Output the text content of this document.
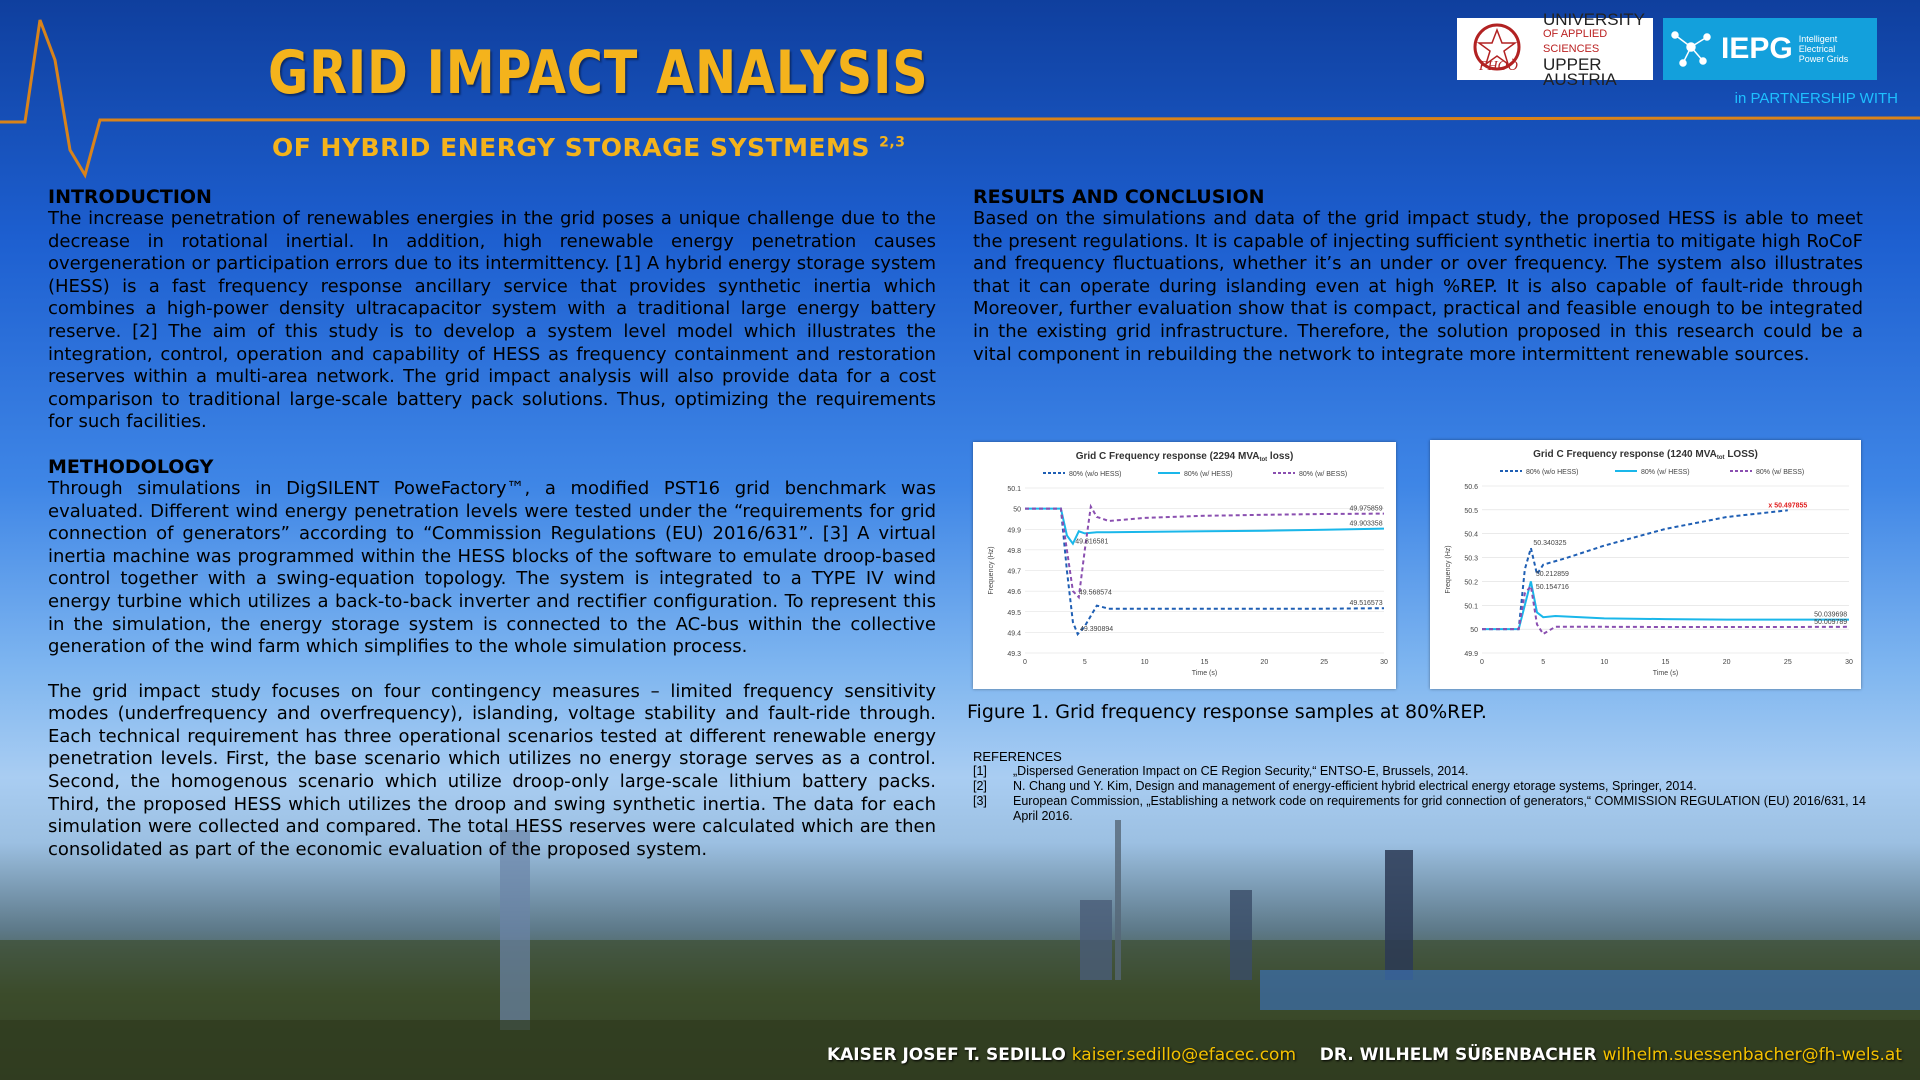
GRID IMPACT ANALYSIS
OF HYBRID ENERGY STORAGE SYSTMEMS $^{2,3}$
FHOÖ
UNIVERSITY
OF APPLIED SCIENCES
UPPER AUSTRIA
IEPG Intelligent
Electrical
Power Grids
in PARTNERSHIP WITH
INTRODUCTION

The increase penetration of renewables energies in the grid poses a unique challenge due to the decrease in rotational inertial. In addition, high renewable energy penetration causes overgeneration or participation errors due to its intermittency. [1] A hybrid energy storage system (HESS) is a fast frequency response ancillary service that provides synthetic inertia which combines a high-power density ultracapacitor system with a traditional large energy battery reserve. [2] The aim of this study is to develop a system level model which illustrates the integration, control, operation and capability of HESS as frequency containment and restoration reserves within a multi-area network. The grid impact analysis will also provide data for a cost comparison to traditional large-scale battery pack solutions. Thus, optimizing the requirements for such facilities.

METHODOLOGY

Through simulations in DigSILENT PoweFactory™, a modified PST16 grid benchmark was evaluated. Different wind energy penetration levels were tested under the “requirements for grid connection of generators” according to “Commission Regulations (EU) 2016/631”. [3] A virtual inertia machine was programmed within the HESS blocks of the software to emulate droop-based control together with a swing-equation topology. The system is integrated to a TYPE IV wind energy turbine which utilizes a back-to-back inverter and rectifier configuration. To represent this in the simulation, the energy storage system is connected to the AC-bus within the collective generation of the wind farm which simplifies to the whole simulation process.

The grid impact study focuses on four contingency measures – limited frequency sensitivity modes (underfrequency and overfrequency), islanding, voltage stability and fault-ride through. Each technical requirement has three operational scenarios tested at different renewable energy penetration levels. First, the base scenario which utilizes no energy storage serves as a control. Second, the homogenous scenario which utilize droop-only large-scale lithium battery packs. Third, the proposed HESS which utilizes the droop and swing synthetic inertia. The data for each simulation were collected and compared. The total HESS reserves were calculated which are then consolidated as part of the economic evaluation of the proposed system.

RESULTS AND CONCLUSION

Based on the simulations and data of the grid impact study, the proposed HESS is able to meet the present regulations. It is capable of injecting sufficient synthetic inertia to mitigate high RoCoF and frequency fluctuations, whether it’s an under or over frequency. The system also illustrates that it can operate during islanding even at high %REP. It is also capable of fault-ride through Moreover, further evaluation show that is compact, practical and feasible enough to be integrated in the existing grid infrastructure. Therefore, the solution proposed in this research could be a vital component in rebuilding the network to integrate more intermittent renewable sources.

Grid C Frequency response (2294 $MVA_{tot}$ loss)
80% (w/o HESS)	80% (w/ HESS)	80% (w/ BESS)
49.3
49.4
49.5
49.6
49.7
49.8
49.9
50
50.1
0	5	10	15	20	25	30
Time (s)
Frequency (Hz)
49.975859
49.903358
49.816581
49.568574
49.390894
49.516573
Grid C Frequency response (1240 $MVA_{tot}$ LOSS)
80% (w/o HESS)	80% (w/ HESS)	80% (w/ BESS)
49.9
50
50.1
50.2
50.3
50.4
50.5
50.6
0	5	10	15	20	25	30
Time (s)
Frequency (Hz)
x 50.497855
50.340325
50.212859
50.154716
50.039698
50.009789
Figure 1. Grid frequency response samples at 80%REP.
REFERENCES
[1]	„Dispersed Generation Impact on CE Region Security,“ ENTSO-E, Brussels, 2014.
[2]	N. Chang und Y. Kim, Design and management of energy-efficient hybrid electrical energy etorage systems, Springer, 2014.
[3]	European Commission, „Establishing a network code on requirements for grid connection of generators,“ COMMISSION REGULATION (EU) 2016/631, 14 April 2016.
KAISER JOSEF T. SEDILLO kaiser.sedillo@efacec.com DR. WILHELM SÜßENBACHER wilhelm.suessenbacher@fh-wels.at
